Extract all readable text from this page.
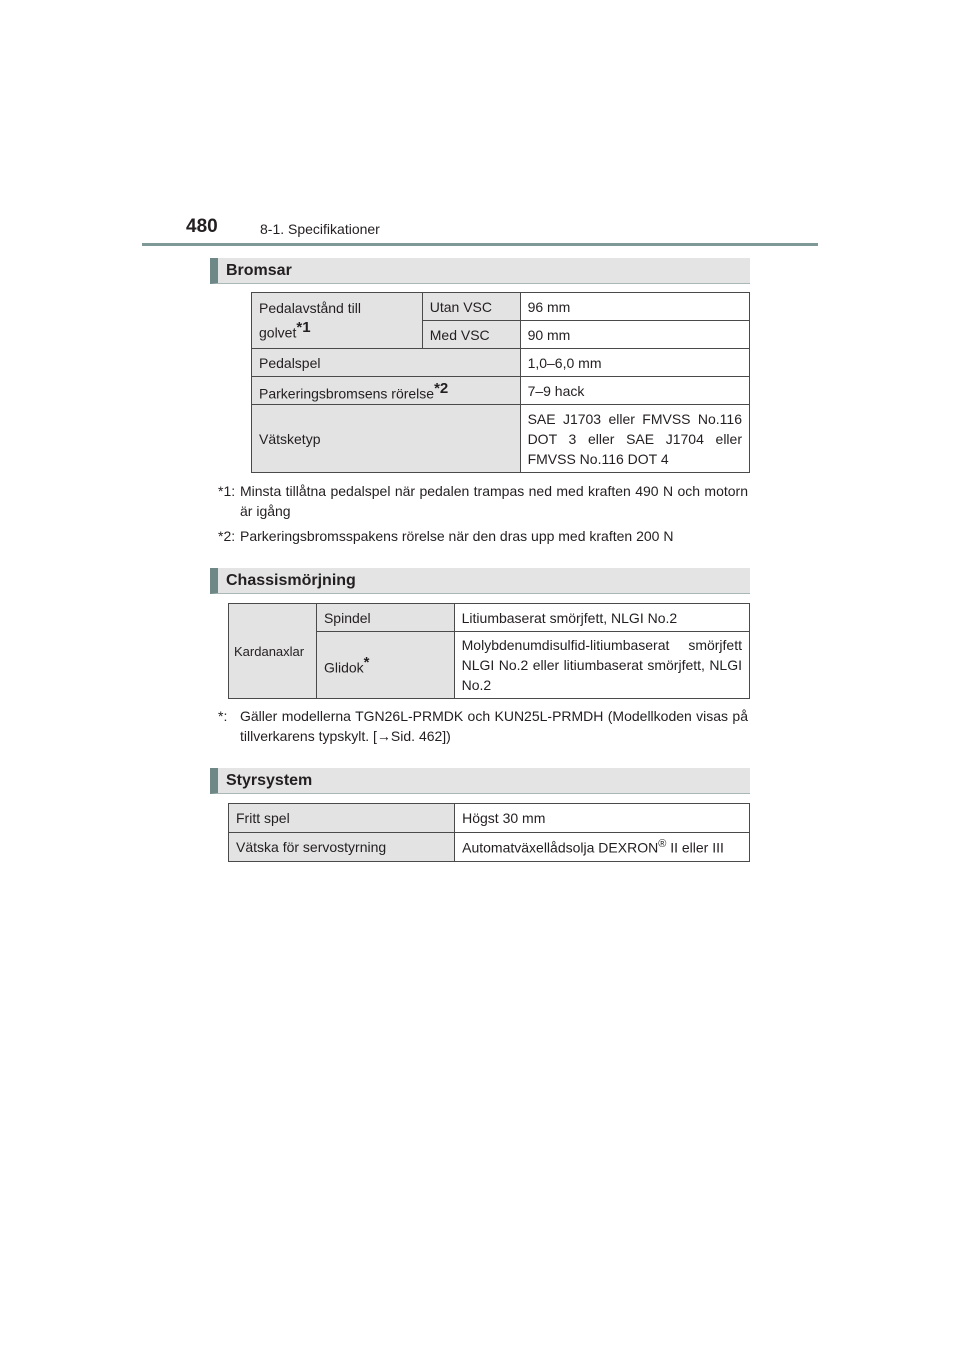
480	8-1. Specifikationer
Bromsar
Pedalavstånd till golvet$^{*1}$	Utan VSC	96 mm
	Med VSC	90 mm
Pedalspel		1,0–6,0 mm
Parkeringsbromsens rörelse$^{*2}$		7–9 hack
Vätsketyp		SAE J1703 eller FMVSS No.116 DOT 3 eller SAE J1704 eller FMVSS No.116 DOT 4
*1: Minsta tillåtna pedalspel när pedalen trampas ned med kraften 490 N och motorn är igång
*2: Parkeringsbromsspakens rörelse när den dras upp med kraften 200 N
Chassismörjning
Kardanaxlar	Spindel	Litiumbaserat smörjfett, NLGI No.2
	Glidok*	Molybdenumdisulfid-litiumbaserat smörjfett NLGI No.2 eller litiumbaserat smörjfett, NLGI No.2
*: Gäller modellerna TGN26L-PRMDK och KUN25L-PRMDH (Modellkoden visas på tillverkarens typskylt. [→Sid. 462])
Styrsystem
Fritt spel	Högst 30 mm
Vätska för servostyrning	Automatväxellådsolja DEXRON® II eller III
